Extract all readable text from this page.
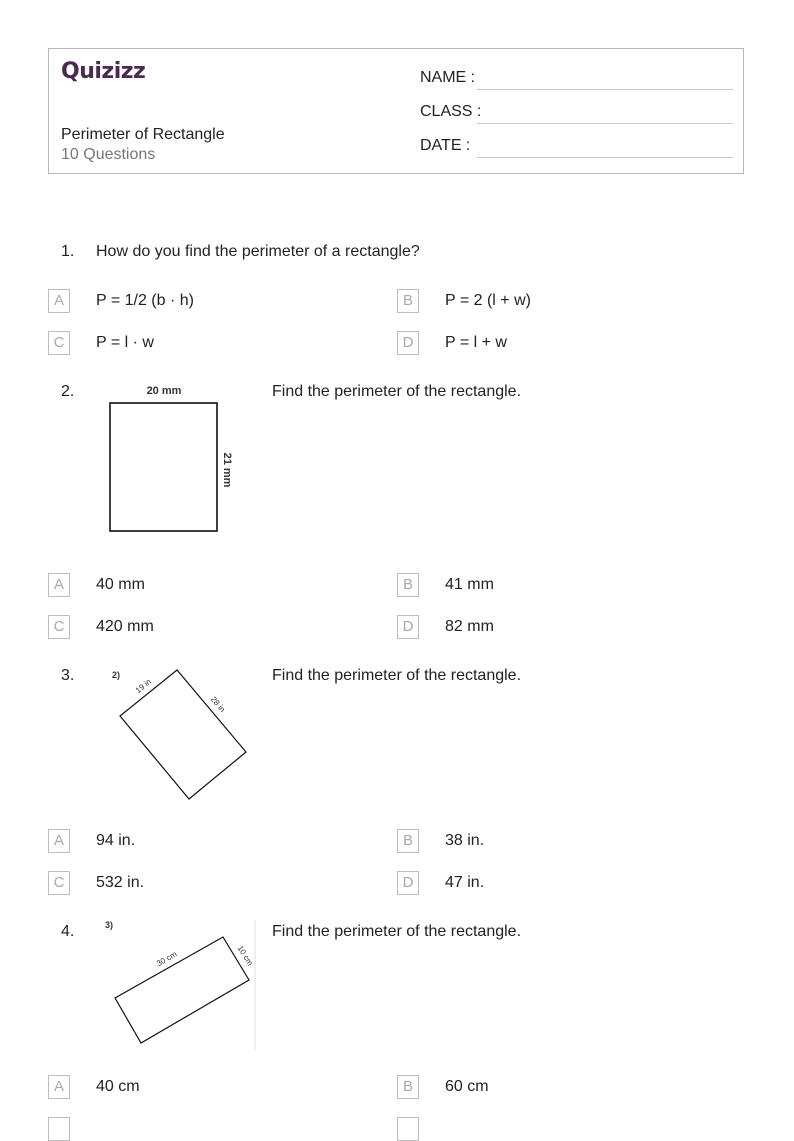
Quizizz
Perimeter of Rectangle
10 Questions
NAME :
CLASS :
DATE :
1. How do you find the perimeter of a rectangle?
A	P = 1/2 (b · h)	B	P = 2 (l + w)
C	P = l · w	D	P = l + w
2.	20 mm
21 mm
Find the perimeter of the rectangle.
A	40 mm	B	41 mm
C	420 mm	D	82 mm
3.	2)
19 in
28 in
Find the perimeter of the rectangle.
A	94 in.	B	38 in.
C	532 in.	D	47 in.
4.	3)
30 cm	10 cm
Find the perimeter of the rectangle.
A	40 cm	B	60 cm
